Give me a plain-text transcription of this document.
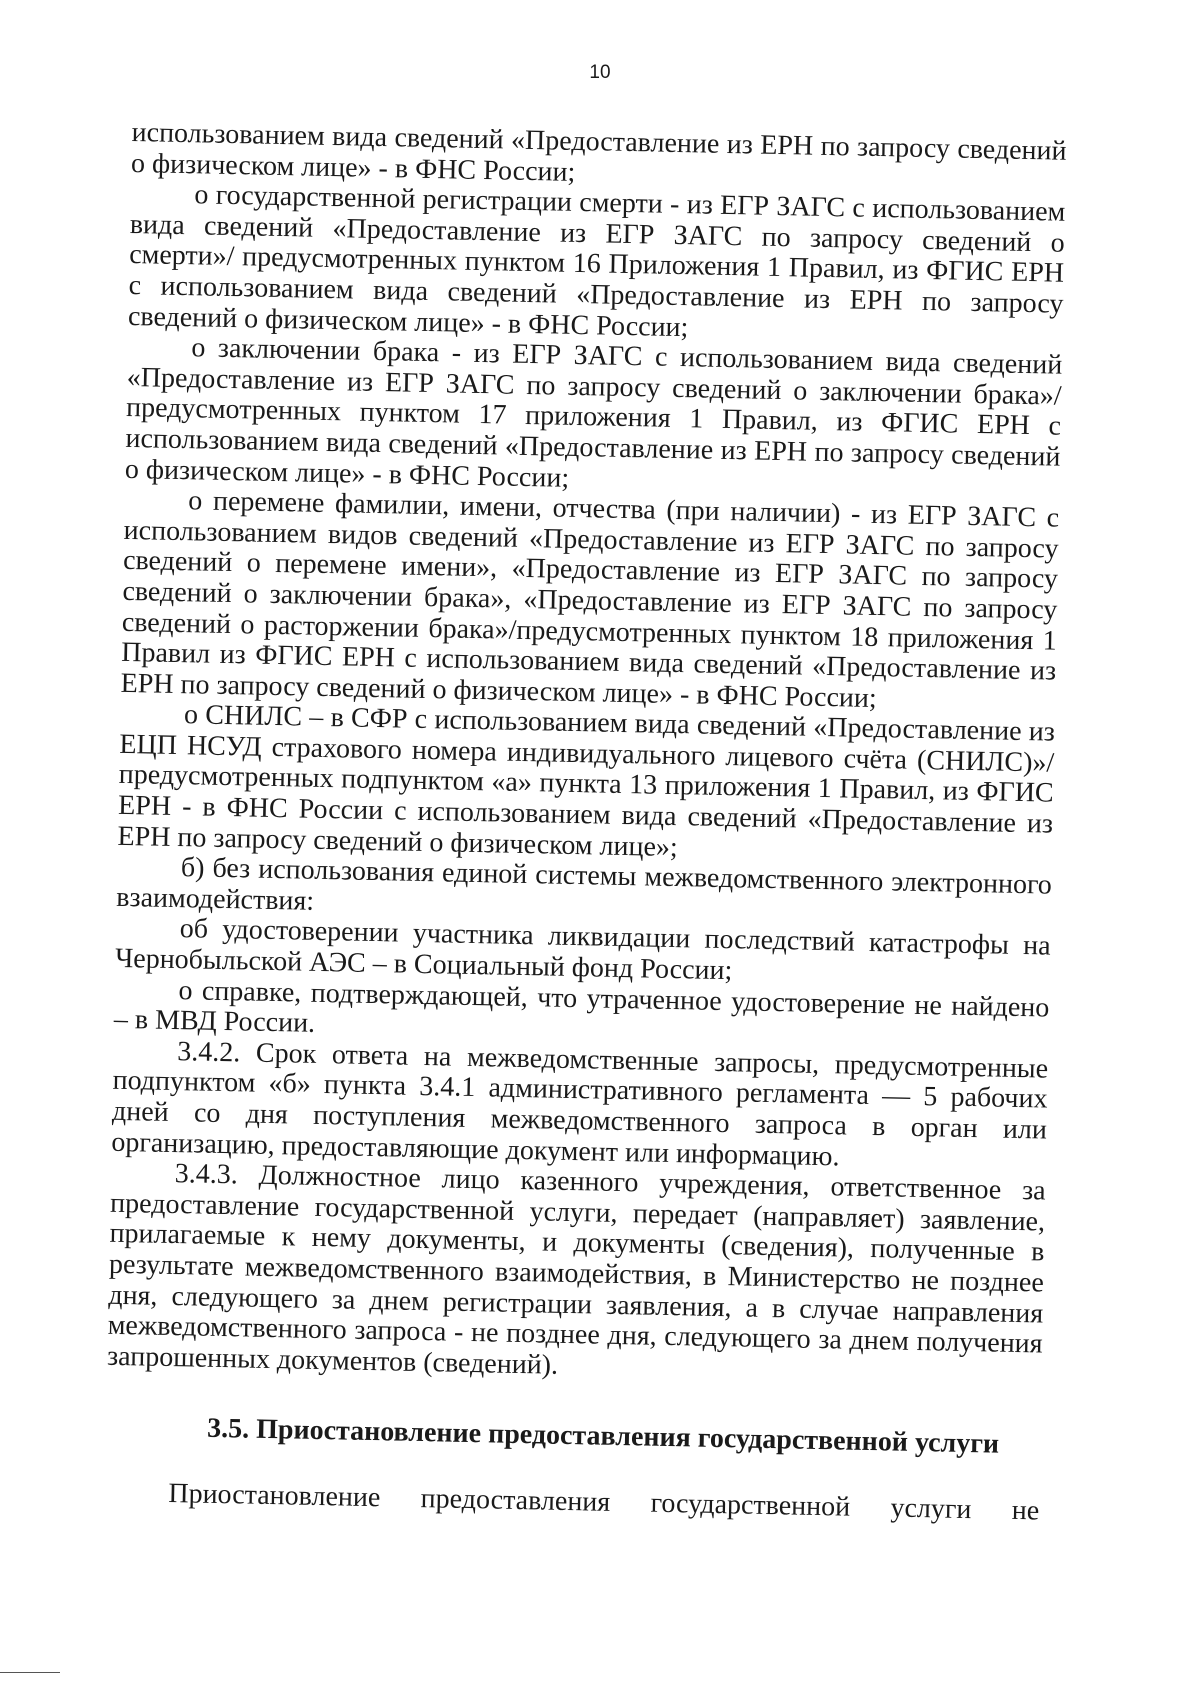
10

использованием вида сведений «Предоставление из ЕРН по запросу сведений о физическом лице» - в ФНС России;

о государственной регистрации смерти - из ЕГР ЗАГС с использованием вида сведений «Предоставление из ЕГР ЗАГС по запросу сведений о смерти»/ предусмотренных пунктом 16 Приложения 1 Правил, из ФГИС ЕРН с использованием вида сведений «Предоставление из ЕРН по запросу сведений о физическом лице» - в ФНС России;

о заключении брака - из ЕГР ЗАГС с использованием вида сведений «Предоставление из ЕГР ЗАГС по запросу сведений о заключении брака»/ предусмотренных пунктом 17 приложения 1 Правил, из ФГИС ЕРН с использованием вида сведений «Предоставление из ЕРН по запросу сведений о физическом лице» - в ФНС России;

о перемене фамилии, имени, отчества (при наличии) - из ЕГР ЗАГС с использованием видов сведений «Предоставление из ЕГР ЗАГС по запросу сведений о перемене имени», «Предоставление из ЕГР ЗАГС по запросу сведений о заключении брака», «Предоставление из ЕГР ЗАГС по запросу сведений о расторжении брака»/предусмотренных пунктом 18 приложения 1 Правил из ФГИС ЕРН с использованием вида сведений «Предоставление из ЕРН по запросу сведений о физическом лице» - в ФНС России;

о СНИЛС – в СФР с использованием вида сведений «Предоставление из ЕЦП НСУД страхового номера индивидуального лицевого счёта (СНИЛС)»/ предусмотренных подпунктом «а» пункта 13 приложения 1 Правил, из ФГИС ЕРН - в ФНС России с использованием вида сведений «Предоставление из ЕРН по запросу сведений о физическом лице»;

б) без использования единой системы межведомственного электронного взаимодействия:

об удостоверении участника ликвидации последствий катастрофы на Чернобыльской АЭС – в Социальный фонд России;

о справке, подтверждающей, что утраченное удостоверение не найдено – в МВД России.

3.4.2. Срок ответа на межведомственные запросы, предусмотренные подпунктом «б» пункта 3.4.1 административного регламента — 5 рабочих дней со дня поступления межведомственного запроса в орган или организацию, предоставляющие документ или информацию.

3.4.3. Должностное лицо казенного учреждения, ответственное за предоставление государственной услуги, передает (направляет) заявление, прилагаемые к нему документы, и документы (сведения), полученные в результате межведомственного взаимодействия, в Министерство не позднее дня, следующего за днем регистрации заявления, а в случае направления межведомственного запроса - не позднее дня, следующего за днем получения запрошенных документов (сведений).

3.5. Приостановление предоставления государственной услуги
Приостановление предоставления государственной услуги не
